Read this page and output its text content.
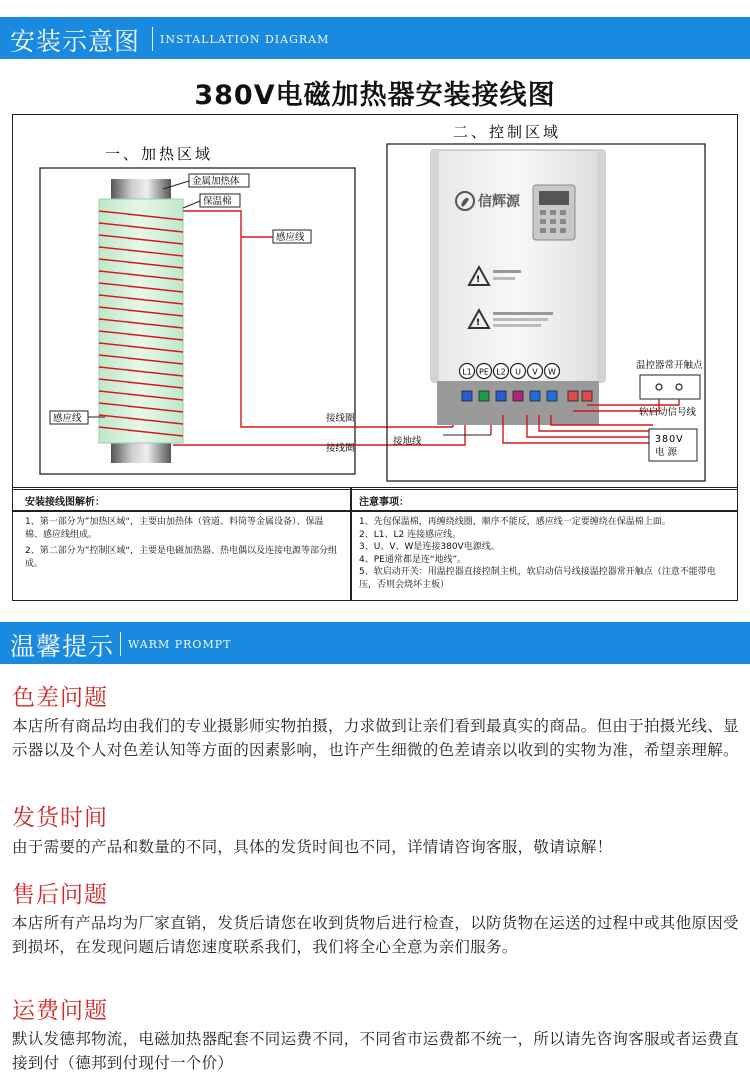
安装示意图 INSTALLATION DIAGRAM
380V电磁加热器安装接线图
一、加热区域
金属加热体
保温棉
感应线
感应线	接线圈
接线圈
二、控制区域
信辉源
!
!
L1 PE L2 U V W
接地线	380V
电源
温控器常开触点
软启动信号线
安装接线图解析：	注意事项：

1、第一部分为”加热区域“，主要由加热体（管道、料筒等金属设备）、保温棉、感应线组成。

2、第二部分为”控制区域“，主要是电磁加热器、热电偶以及连接电源等部分组成。

1、先包保温棉，再缠绕线圈，顺序不能反，感应线一定要缠绕在保温棉上面。

2、L1、L2 连接感应线。

3、U、V、W是连接380V电源线。

4、PE通常都是连“地线”。

5、软启动开关：用温控器直接控制主机，软启动信号线接温控器常开触点（注意不能带电压，否则会烧坏主板）

温馨提示 WARM PROMPT
色差问题
本店所有商品均由我们的专业摄影师实物拍摄，力求做到让亲们看到最真实的商品。但由于拍摄光线、显示器以及个人对色差认知等方面的因素影响，也许产生细微的色差请亲以收到的实物为准，希望亲理解。
发货时间
由于需要的产品和数量的不同，具体的发货时间也不同，详情请咨询客服，敬请谅解！
售后问题
本店所有产品均为厂家直销，发货后请您在收到货物后进行检查，以防货物在运送的过程中或其他原因受到损坏，在发现问题后请您速度联系我们，我们将全心全意为亲们服务。
运费问题
默认发德邦物流，电磁加热器配套不同运费不同，不同省市运费都不统一，所以请先咨询客服或者运费直接到付（德邦到付现付一个价）
